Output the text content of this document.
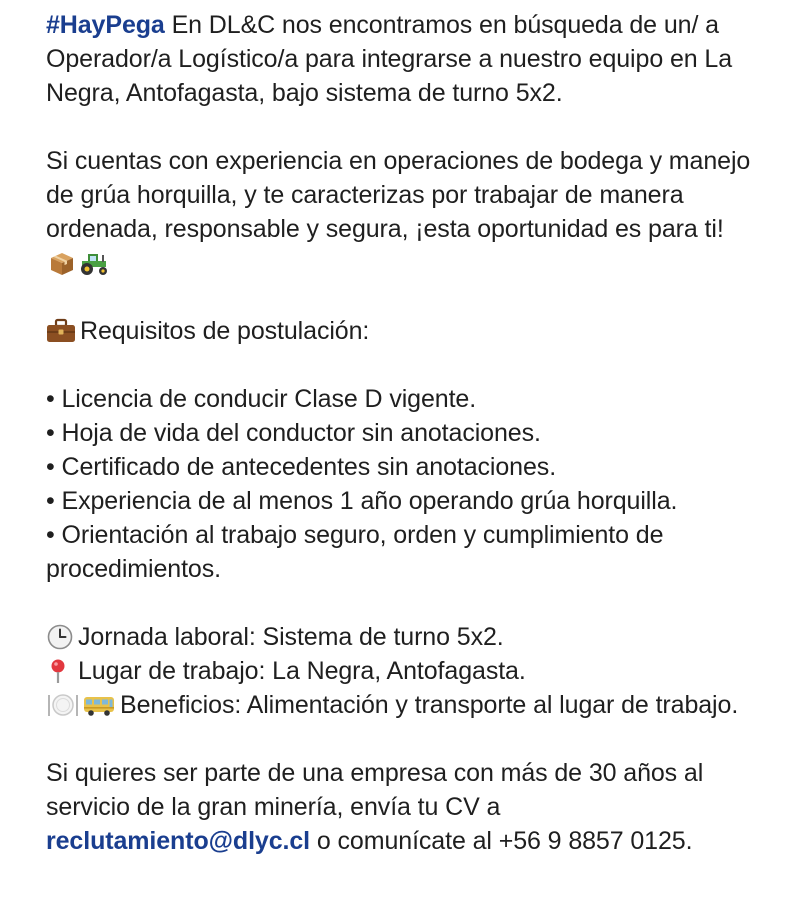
#HayPega En DL&C nos encontramos en búsqueda de un/ a Operador/a Logístico/a para integrarse a nuestro equipo en La Negra, Antofagasta, bajo sistema de turno 5x2.

Si cuentas con experiencia en operaciones de bodega y manejo de grúa horquilla, y te caracterizas por trabajar de manera ordenada, responsable y segura, ¡esta oportunidad es para ti!

Requisitos de postulación:

• Licencia de conducir Clase D vigente.
• Hoja de vida del conductor sin anotaciones.
• Certificado de antecedentes sin anotaciones.
• Experiencia de al menos 1 año operando grúa horquilla.
• Orientación al trabajo seguro, orden y cumplimiento de procedimientos.

Jornada laboral: Sistema de turno 5x2.

Lugar de trabajo: La Negra, Antofagasta.

Beneficios: Alimentación y transporte al lugar de trabajo.

Si quieres ser parte de una empresa con más de 30 años al servicio de la gran minería, envía tu CV a reclutamiento@dlyc.cl o comunícate al +56 9 8857 0125.
